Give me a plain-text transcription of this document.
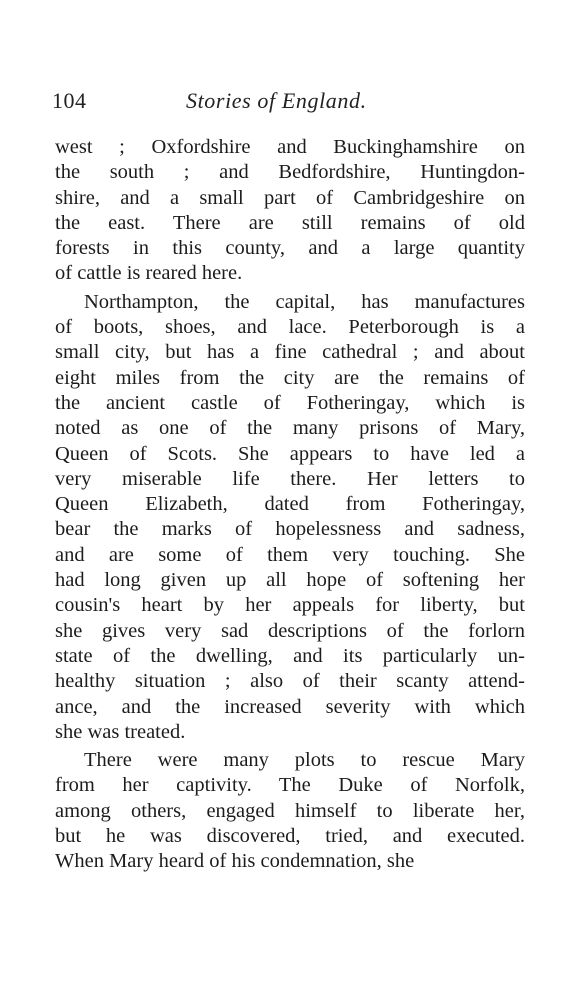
104	Stories of England.
west ; Oxfordshire and Buckinghamshire on
the south ; and Bedfordshire, Huntingdon-
shire, and a small part of Cambridgeshire on
the east. There are still remains of old
forests in this county, and a large quantity
of cattle is reared here.
Northampton, the capital, has manufactures
of boots, shoes, and lace. Peterborough is a
small city, but has a fine cathedral ; and about
eight miles from the city are the remains of
the ancient castle of Fotheringay, which is
noted as one of the many prisons of Mary,
Queen of Scots. She appears to have led a
very miserable life there. Her letters to
Queen Elizabeth, dated from Fotheringay,
bear the marks of hopelessness and sadness,
and are some of them very touching. She
had long given up all hope of softening her
cousin's heart by her appeals for liberty, but
she gives very sad descriptions of the forlorn
state of the dwelling, and its particularly un-
healthy situation ; also of their scanty attend-
ance, and the increased severity with which
she was treated.
There were many plots to rescue Mary
from her captivity. The Duke of Norfolk,
among others, engaged himself to liberate her,
but he was discovered, tried, and executed.
When Mary heard of his condemnation, she
